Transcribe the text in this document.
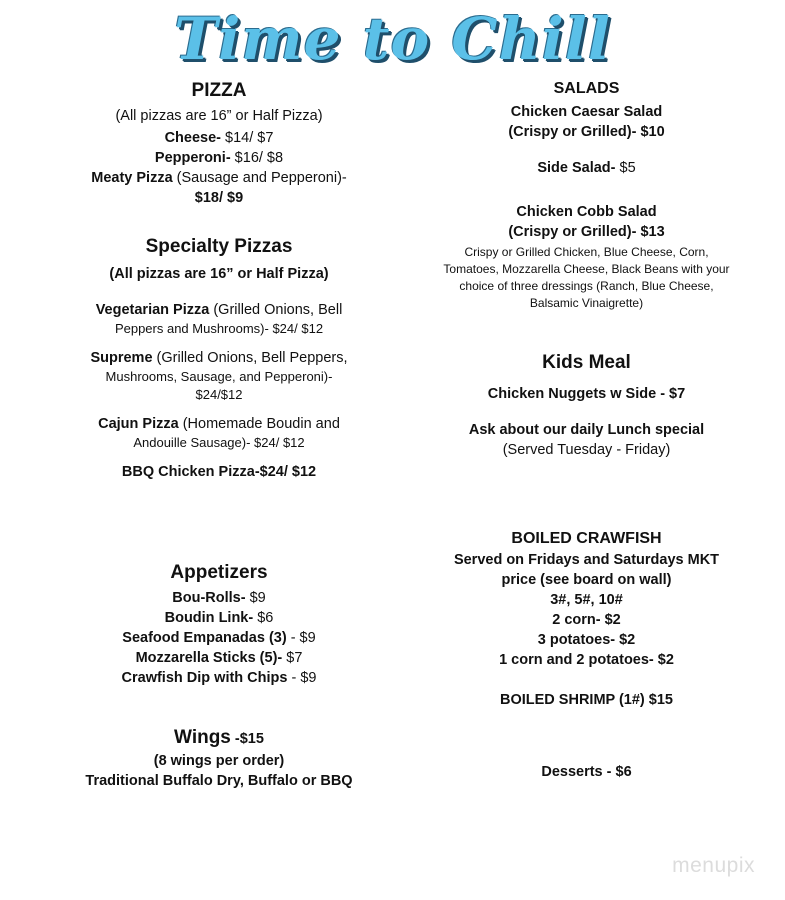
Time to Chill
PIZZA
(All pizzas are 16” or Half Pizza)
Cheese- $14/ $7
Pepperoni- $16/ $8
Meaty Pizza (Sausage and Pepperoni)-
$18/ $9
Specialty Pizzas
(All pizzas are 16” or Half Pizza)
Vegetarian Pizza (Grilled Onions, Bell
Peppers and Mushrooms)- $24/ $12
Supreme (Grilled Onions, Bell Peppers,
Mushrooms, Sausage, and Pepperoni)-
$24/$12
Cajun Pizza (Homemade Boudin and
Andouille Sausage)- $24/ $12
BBQ Chicken Pizza-$24/ $12
Appetizers
Bou-Rolls- $9
Boudin Link- $6
Seafood Empanadas (3) - $9
Mozzarella Sticks (5)- $7
Crawfish Dip with Chips - $9
Wings -$15
(8 wings per order)
Traditional Buffalo Dry, Buffalo or BBQ
SALADS
Chicken Caesar Salad
(Crispy or Grilled)- $10
Side Salad- $5
Chicken Cobb Salad
(Crispy or Grilled)- $13
Crispy or Grilled Chicken, Blue Cheese, Corn,
Tomatoes, Mozzarella Cheese, Black Beans with your
choice of three dressings (Ranch, Blue Cheese,
Balsamic Vinaigrette)
Kids Meal
Chicken Nuggets w Side - $7
Ask about our daily Lunch special
(Served Tuesday - Friday)
BOILED CRAWFISH
Served on Fridays and Saturdays MKT
price (see board on wall)
3#, 5#, 10#
2 corn- $2
3 potatoes- $2
1 corn and 2 potatoes- $2
BOILED SHRIMP (1#) $15
Desserts - $6
menupix
